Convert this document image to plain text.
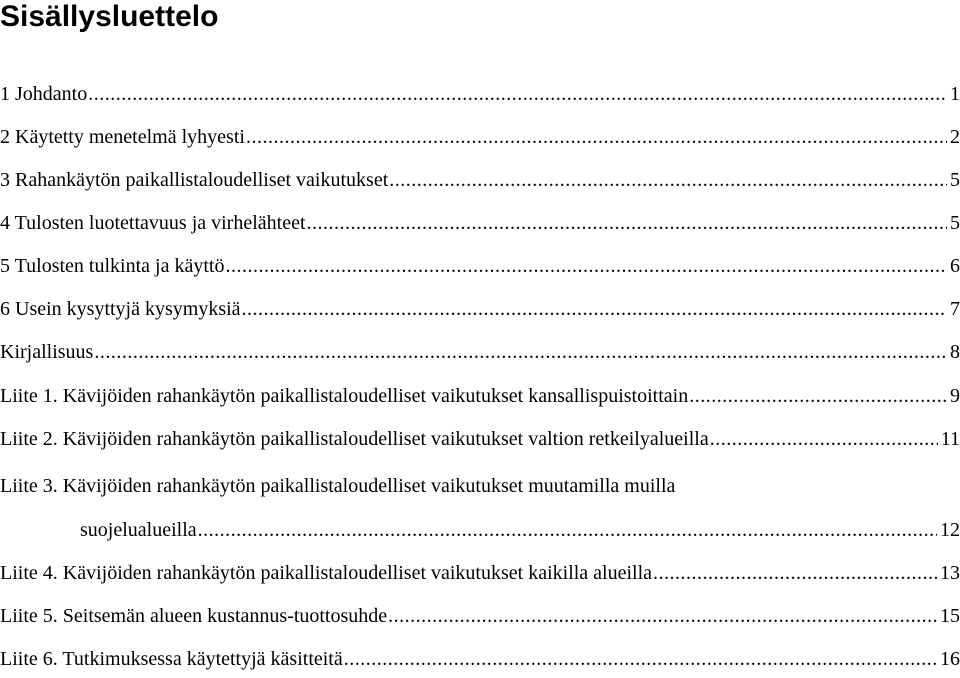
Sisällysluettelo
1 Johdanto .....	1
2 Käytetty menetelmä lyhyesti .....	2
3 Rahankäytön paikallistaloudelliset vaikutukset .....	5
4 Tulosten luotettavuus ja virhelähteet .....	5
5 Tulosten tulkinta ja käyttö .....	6
6 Usein kysyttyjä kysymyksiä .....	7
Kirjallisuus .....	8
Liite 1. Kävijöiden rahankäytön paikallistaloudelliset vaikutukset kansallispuistoittain .....	9
Liite 2. Kävijöiden rahankäytön paikallistaloudelliset vaikutukset valtion retkeilyalueilla .....	11
Liite 3. Kävijöiden rahankäytön paikallistaloudelliset vaikutukset muutamilla muilla
suojelualueilla .....	12
Liite 4. Kävijöiden rahankäytön paikallistaloudelliset vaikutukset kaikilla alueilla .....	13
Liite 5. Seitsemän alueen kustannus-tuottosuhde .....	15
Liite 6. Tutkimuksessa käytettyjä käsitteitä .....	16
